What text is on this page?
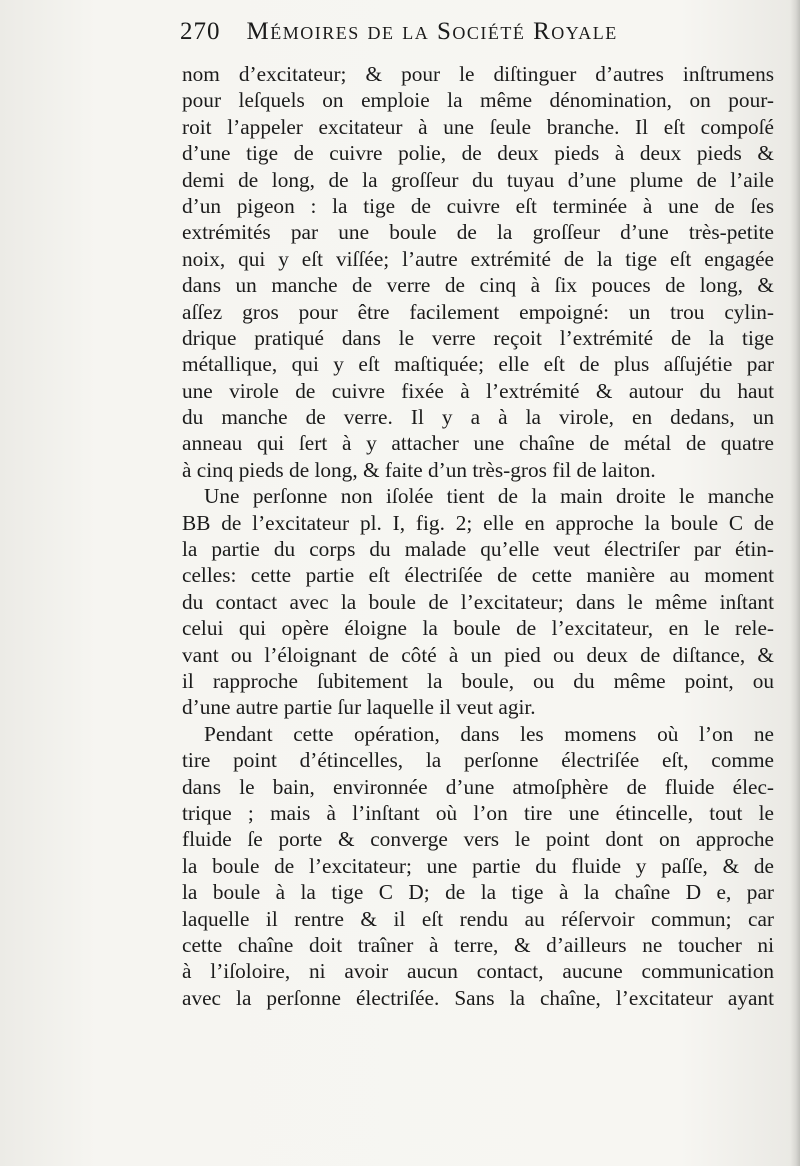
270 Mémoires de la Société Royale
nom d’excitateur; & pour le diſtinguer d’autres inſtrumens
pour leſquels on emploie la même dénomination, on pour-
roit l’appeler excitateur à une ſeule branche. Il eſt compoſé
d’une tige de cuivre polie, de deux pieds à deux pieds &
demi de long, de la groſſeur du tuyau d’une plume de l’aile
d’un pigeon : la tige de cuivre eſt terminée à une de ſes
extrémités par une boule de la groſſeur d’une très-petite
noix, qui y eſt viſſée; l’autre extrémité de la tige eſt engagée
dans un manche de verre de cinq à ſix pouces de long, &
aſſez gros pour être facilement empoigné: un trou cylin-
drique pratiqué dans le verre reçoit l’extrémité de la tige
métallique, qui y eſt maſtiquée; elle eſt de plus aſſujétie par
une virole de cuivre fixée à l’extrémité & autour du haut
du manche de verre. Il y a à la virole, en dedans, un
anneau qui ſert à y attacher une chaîne de métal de quatre
à cinq pieds de long, & faite d’un très-gros fil de laiton.
Une perſonne non iſolée tient de la main droite le manche
BB de l’excitateur pl. I, fig. 2; elle en approche la boule C de
la partie du corps du malade qu’elle veut électriſer par étin-
celles: cette partie eſt électriſée de cette manière au moment
du contact avec la boule de l’excitateur; dans le même inſtant
celui qui opère éloigne la boule de l’excitateur, en le rele-
vant ou l’éloignant de côté à un pied ou deux de diſtance, &
il rapproche ſubitement la boule, ou du même point, ou
d’une autre partie ſur laquelle il veut agir.
Pendant cette opération, dans les momens où l’on ne
tire point d’étincelles, la perſonne électriſée eſt, comme
dans le bain, environnée d’une atmoſphère de fluide élec-
trique ; mais à l’inſtant où l’on tire une étincelle, tout le
fluide ſe porte & converge vers le point dont on approche
la boule de l’excitateur; une partie du fluide y paſſe, & de
la boule à la tige C D; de la tige à la chaîne D e, par
laquelle il rentre & il eſt rendu au réſervoir commun; car
cette chaîne doit traîner à terre, & d’ailleurs ne toucher ni
à l’iſoloire, ni avoir aucun contact, aucune communication
avec la perſonne électriſée. Sans la chaîne, l’excitateur ayant
